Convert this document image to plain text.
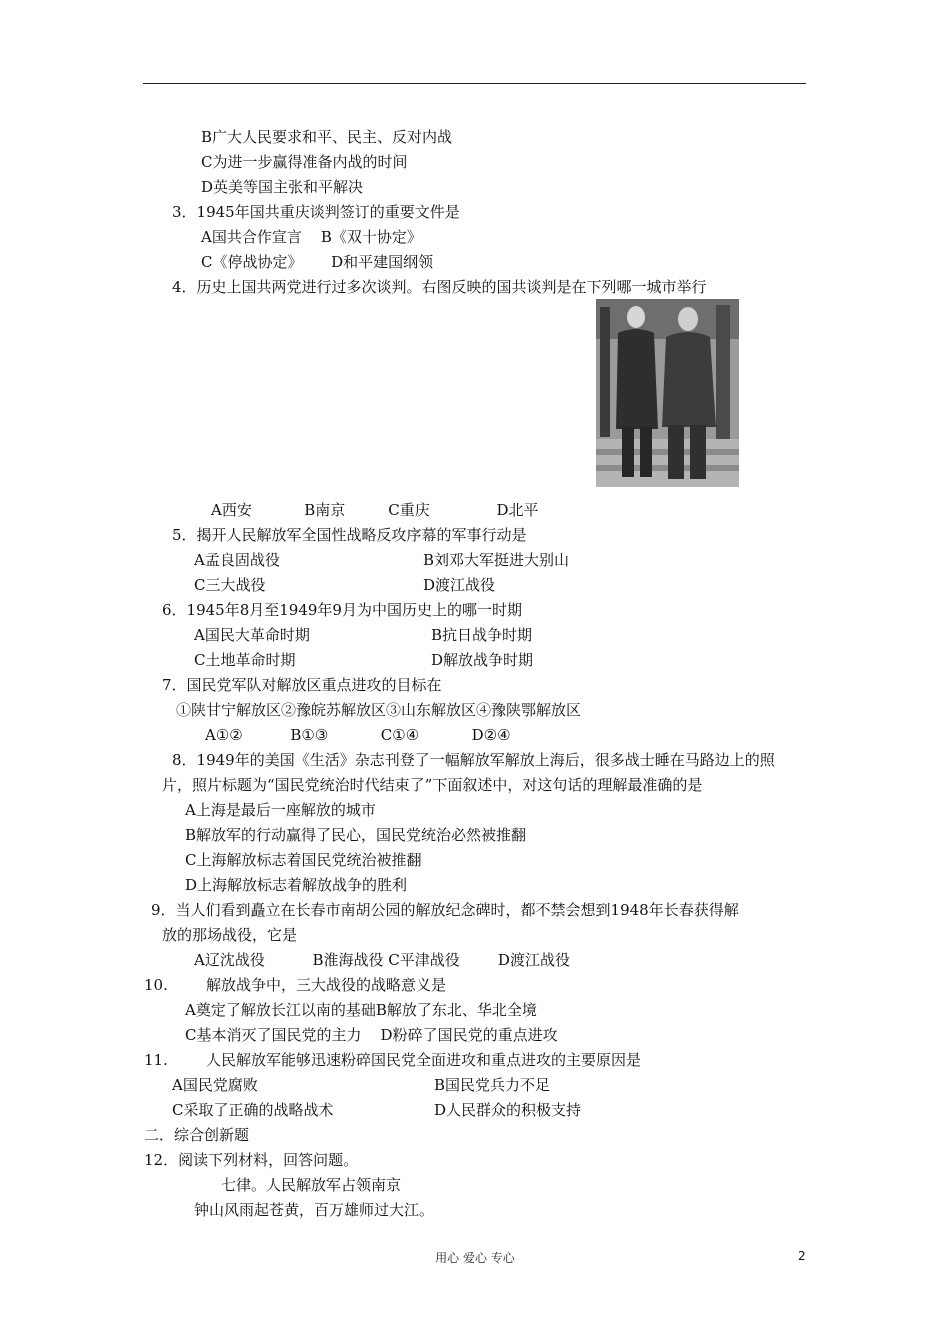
B广大人民要求和平、民主、反对内战
C为进一步赢得准备内战的时间
D英美等国主张和平解决
3．1945年国共重庆谈判签订的重要文件是
A国共合作宣言    B《双十协定》
C《停战协定》      D和平建国纲领
4．历史上国共两党进行过多次谈判。右图反映的国共谈判是在下列哪一城市举行
A西安           B南京         C重庆              D北平
5．揭开人民解放军全国性战略反攻序幕的军事行动是
A孟良固战役	B刘邓大军挺进大别山
C三大战役	D渡江战役
6．1945年8月至1949年9月为中国历史上的哪一时期
A国民大革命时期	B抗日战争时期
C土地革命时期	D解放战争时期
7．国民党军队对解放区重点进攻的目标在
①陕甘宁解放区②豫皖苏解放区③山东解放区④豫陕鄂解放区
A①②          B①③           C①④           D②④
8．1949年的美国《生活》杂志刊登了一幅解放军解放上海后，很多战士睡在马路边上的照
片，照片标题为“国民党统治时代结束了”下面叙述中，对这句话的理解最准确的是
A上海是最后一座解放的城市
B解放军的行动赢得了民心，国民党统治必然被推翻
C上海解放标志着国民党统治被推翻
D上海解放标志着解放战争的胜利
9．当人们看到矗立在长春市南胡公园的解放纪念碑时，都不禁会想到1948年长春获得解
放的那场战役，它是
A辽沈战役          B淮海战役 C平津战役        D渡江战役
10.        解放战争中，三大战役的战略意义是
A奠定了解放长江以南的基础B解放了东北、华北全境
C基本消灭了国民党的主力    D粉碎了国民党的重点进攻
11.        人民解放军能够迅速粉碎国民党全面进攻和重点进攻的主要原因是
A国民党腐败	B国民党兵力不足
C采取了正确的战略战术	D人民群众的积极支持
二．综合创新题
12．阅读下列材料，回答问题。
七律。人民解放军占领南京
钟山风雨起苍黄，百万雄师过大江。
用心 爱心 专心	2
